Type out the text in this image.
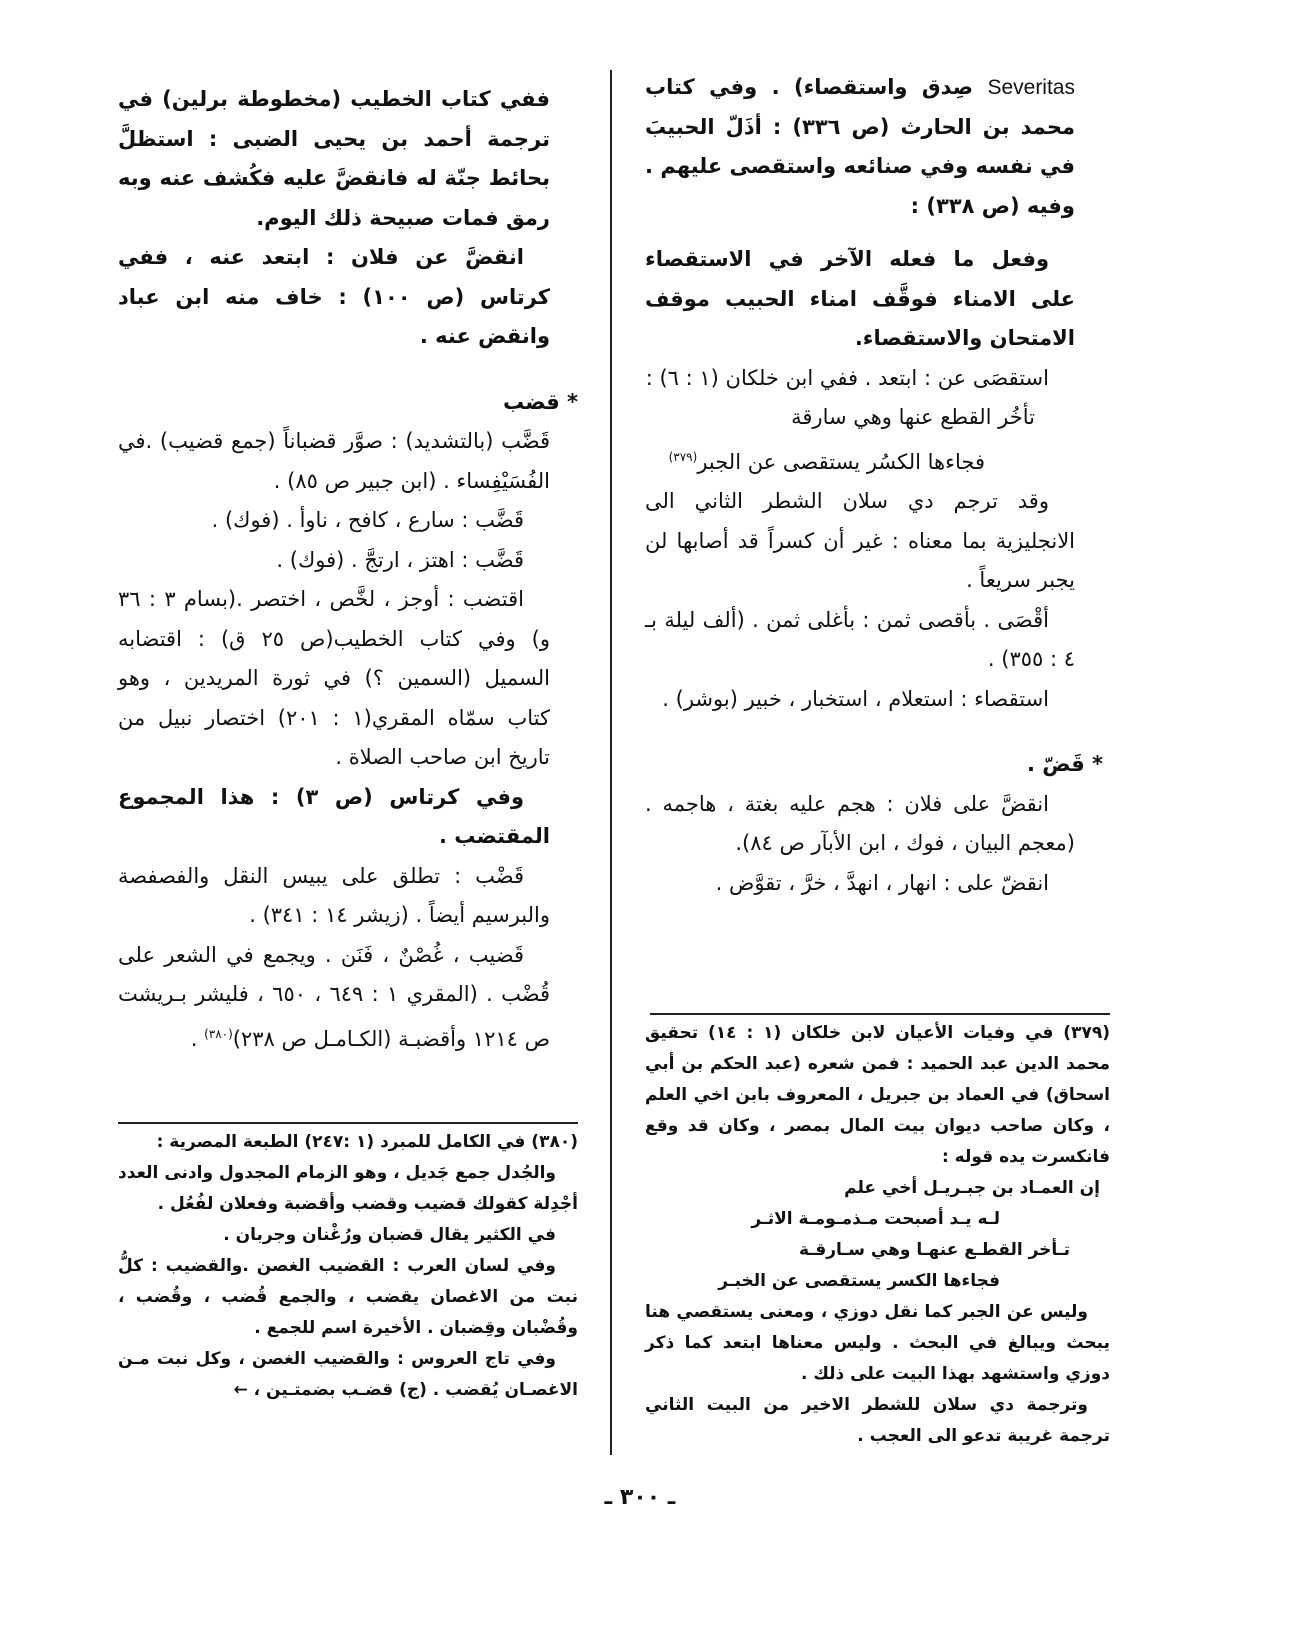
Severitas صِدق واستقصاء) . وفي كتاب محمد بن الحارث (ص ٣٣٦) : أذَلّ الحبيبَ في نفسه وفي صنائعه واستقصى عليهم . وفيه (ص ٣٣٨) :

وفعل ما فعله الآخر في الاستقصاء على الامناء فوقَّف امناء الحبيب موقف الامتحان والاستقصاء.

استقصَى عن : ابتعد . ففي ابن خلكان (١ : ٦) :

تأخُر القطع عنها وهي سارقة

فجاءها الكسُر يستقصى عن الجبر$^{(٣٧٩)}$

وقد ترجم دي سلان الشطر الثاني الى الانجليزية بما معناه : غير أن كسراً قد أصابها لن يجبر سريعاً .

أقْصَى . بأقصى ثمن : بأغلى ثمن . (ألف ليلة بـ ٤ : ٣٥٥) .

استقصاء : استعلام ، استخبار ، خبير (بوشر) .

* قَضّ .

انقضَّ على فلان : هجم عليه بغتة ، هاجمه . (معجم البيان ، فوك ، ابن الأبآر ص ٨٤).

انقضّ على : انهار ، انهدَّ ، خرَّ ، تقوَّض .

ففي كتاب الخطيب (مخطوطة برلين) في ترجمة أحمد بن يحيى الضبى : استظلَّ بحائط جنّة له فانقضَّ عليه فكُشف عنه وبه رمق فمات صبيحة ذلك اليوم.

انقضَّ عن فلان : ابتعد عنه ، ففي كرتاس (ص ١٠٠) : خاف منه ابن عباد وانقض عنه .

* قضب

قَضَّب (بالتشديد) : صوَّر قضباناً (جمع قضيب) .في الفُسَيْفِساء . (ابن جبير ص ٨٥) .

قَضَّب : سارع ، كافح ، ناوأ . (فوك) .

قَضَّب : اهتز ، ارتجَّ . (فوك) .

اقتضب : أوجز ، لخَّص ، اختصر .(بسام ٣ : ٣٦ و) وفي كتاب الخطيب(ص ٢٥ ق) : اقتضابه السميل (السمين ؟) في ثورة المريدين ، وهو كتاب سمّاه المقري(١ : ٢٠١) اختصار نبيل من تاريخ ابن صاحب الصلاة .

وفي كرتاس (ص ٣) : هذا المجموع المقتضب .

قَضْب : تطلق على يبيس النقل والفصفصة والبرسيم أيضاً . (زيشر ١٤ : ٣٤١) .

قَضيب ، غُصْنٌ ، فَنَن . ويجمع في الشعر على قُضْب . (المقري ١ : ٦٤٩ ، ٦٥٠ ، فليشر بـريشت ص ١٢١٤ وأقضبـة (الكـامـل ص ٢٣٨)$^{(٣٨٠)}$ .	(٣٧٩) في وفيات الأعيان لابن خلكان (١ : ١٤) تحقيق محمد الدين عبد الحميد : فمن شعره (عبد الحكم بن أبي اسحاق) في العماد بن جبريل ، المعروف بابن اخي العلم ، وكان صاحب ديوان بيت المال بمصر ، وكان قد وقع فانكسرت يده قوله :

إن العمـاد بن جبـريـل أخي علم

لـه يـد أصبحت مـذمـومـة الاثـر

تـأخر القطـع عنهـا وهي سـارقـة

فجاءها الكسر يستقصى عن الخبـر

وليس عن الجبر كما نقل دوزي ، ومعنى يستقصي هنا يبحث ويبالغ في البحث . وليس معناها ابتعد كما ذكر دوزي واستشهد بهذا البيت على ذلك .

وترجمة دي سلان للشطر الاخير من البيت الثاني ترجمة غريبة تدعو الى العجب .

(٣٨٠) في الكامل للمبرد (١ :٢٤٧) الطبعة المصرية :

والجُدل جمع جَديل ، وهو الزمام المجدول وادنى العدد أجْدِلة كقولك قضيب وقضب وأقضبة وفعلان لفُعُل .

في الكثير يقال قضبان ورُغْنان وجربان .

وفي لسان العرب : القضيب الغصن .والقضيب : كلُّ نبت من الاغصان يقضب ، والجمع قُضب ، وقُضب ، وقُضْبان وقِضبان . الأخيرة اسم للجمع .

وفي تاج العروس : والقضيب الغصن ، وكل نبت مـن الاغصـان يُقضب . (ج) قضـب بضمتـين ، ←

ـ ٣٠٠ ـ
